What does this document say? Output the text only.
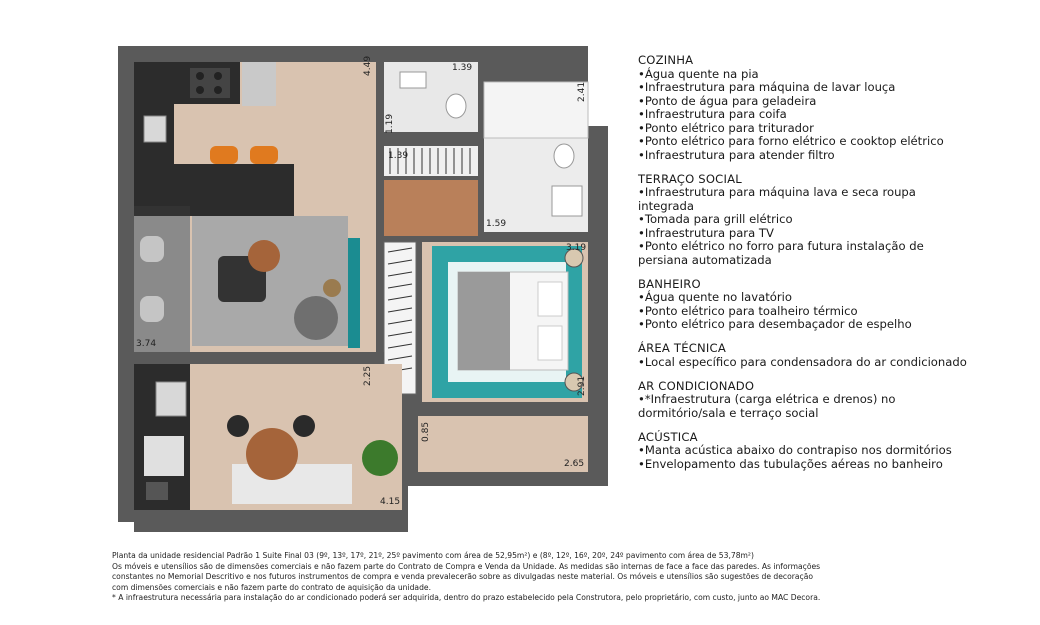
4.49	1.39
2.41
1.19
1.39
1.59
3.19
3.74
2.25
0.85
2.65
4.15
2.91
COZINHA
• Água quente na pia
• Infraestrutura para máquina de lavar louça
• Ponto de água para geladeira
• Infraestrutura para coifa
• Ponto elétrico para triturador
• Ponto elétrico para forno elétrico e cooktop elétrico
• Infraestrutura para atender filtro
TERRAÇO SOCIAL
• Infraestrutura para máquina lava e seca roupa integrada
• Tomada para grill elétrico
• Infraestrutura para TV
• Ponto elétrico no forro para futura instalação de persiana automatizada
BANHEIRO
• Água quente no lavatório
• Ponto elétrico para toalheiro térmico
• Ponto elétrico para desembaçador de espelho
ÁREA TÉCNICA
• Local específico para condensadora do ar condicionado
AR CONDICIONADO
• *Infraestrutura (carga elétrica e drenos) no dormitório/sala e terraço social
ACÚSTICA
• Manta acústica abaixo do contrapiso nos dormitórios
• Envelopamento das tubulações aéreas no banheiro
Planta da unidade residencial Padrão 1 Suite Final 03 (9º, 13º, 17º, 21º, 25º pavimento com área de 52,95m²) e (8º, 12º, 16º, 20º, 24º pavimento com área de 53,78m²)
Os móveis e utensílios são de dimensões comerciais e não fazem parte do Contrato de Compra e Venda da Unidade. As medidas são internas de face a face das paredes. As informações
constantes no Memorial Descritivo e nos futuros instrumentos de compra e venda prevalecerão sobre as divulgadas neste material. Os móveis e utensílios são sugestões de decoração
com dimensões comerciais e não fazem parte do contrato de aquisição da unidade.
* A infraestrutura necessária para instalação do ar condicionado poderá ser adquirida, dentro do prazo estabelecido pela Construtora, pelo proprietário, com custo, junto ao MAC Decora.
